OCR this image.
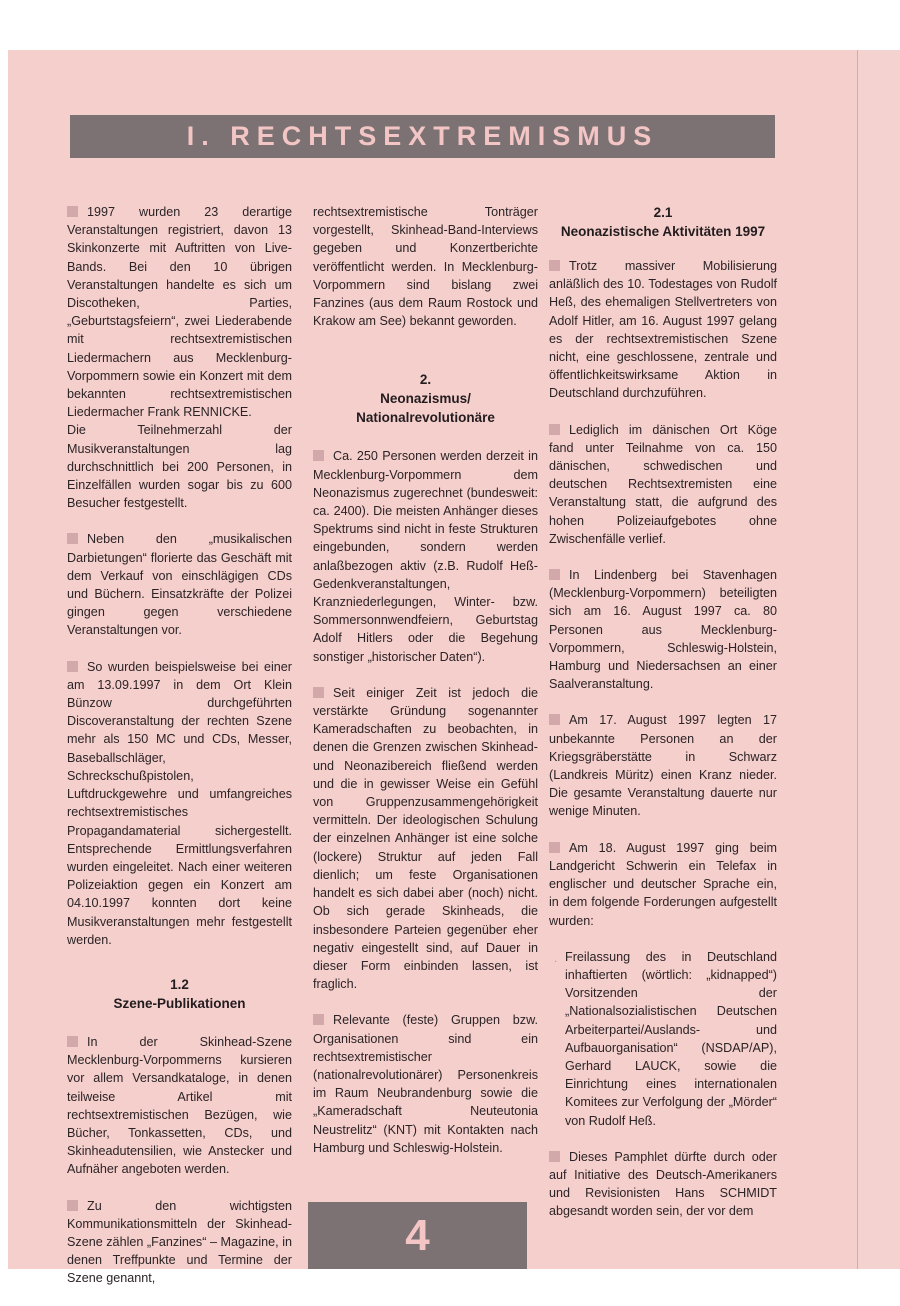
I. RECHTSEXTREMISMUS

1997 wurden 23 derartige Veranstaltungen registriert, davon 13 Skinkonzerte mit Auftritten von Live-Bands. Bei den 10 übrigen Veranstaltungen handelte es sich um Discotheken, Parties, „Geburtstagsfeiern“, zwei Liederabende mit rechtsextremistischen Liedermachern aus Mecklenburg-Vorpommern sowie ein Konzert mit dem bekannten rechtsextremistischen Liedermacher Frank RENNICKE.

Die Teilnehmerzahl der Musikveranstaltungen lag durchschnittlich bei 200 Personen, in Einzelfällen wurden sogar bis zu 600 Besucher festgestellt.

Neben den „musikalischen Darbietungen“ florierte das Geschäft mit dem Verkauf von einschlägigen CDs und Büchern. Einsatzkräfte der Polizei gingen gegen verschiedene Veranstaltungen vor.

So wurden beispielsweise bei einer am 13.09.1997 in dem Ort Klein Bünzow durchgeführten Discoveranstaltung der rechten Szene mehr als 150 MC und CDs, Messer, Baseballschläger, Schreckschußpistolen, Luftdruckgewehre und umfangreiches rechtsextremistisches Propagandamaterial sichergestellt. Entsprechende Ermittlungsverfahren wurden eingeleitet. Nach einer weiteren Polizeiaktion gegen ein Konzert am 04.10.1997 konnten dort keine Musikveranstaltungen mehr festgestellt werden.

1.2
Szene-Publikationen

In der Skinhead-Szene Mecklenburg-Vorpommerns kursieren vor allem Versandkataloge, in denen teilweise Artikel mit rechtsextremistischen Bezügen, wie Bücher, Tonkassetten, CDs, und Skinheadutensilien, wie Anstecker und Aufnäher angeboten werden.

Zu den wichtigsten Kommunikationsmitteln der Skinhead-Szene zählen „Fanzines“ – Magazine, in denen Treffpunkte und Termine der Szene genannt,

rechtsextremistische Tonträger vorgestellt, Skinhead-Band-Interviews gegeben und Konzertberichte veröffentlicht werden. In Mecklenburg-Vorpommern sind bislang zwei Fanzines (aus dem Raum Rostock und Krakow am See) bekannt geworden.

2.
Neonazismus/
Nationalrevolutionäre

Ca. 250 Personen werden derzeit in Mecklenburg-Vorpommern dem Neonazismus zugerechnet (bundesweit: ca. 2400). Die meisten Anhänger dieses Spektrums sind nicht in feste Strukturen eingebunden, sondern werden anlaßbezogen aktiv (z.B. Rudolf Heß-Gedenkveranstaltungen, Kranzniederlegungen, Winter- bzw. Sommersonnwendfeiern, Geburtstag Adolf Hitlers oder die Begehung sonstiger „historischer Daten“).

Seit einiger Zeit ist jedoch die verstärkte Gründung sogenannter Kameradschaften zu beobachten, in denen die Grenzen zwischen Skinhead- und Neonazibereich fließend werden und die in gewisser Weise ein Gefühl von Gruppenzusammengehörigkeit vermitteln. Der ideologischen Schulung der einzelnen Anhänger ist eine solche (lockere) Struktur auf jeden Fall dienlich; um feste Organisationen handelt es sich dabei aber (noch) nicht. Ob sich gerade Skinheads, die insbesondere Parteien gegenüber eher negativ eingestellt sind, auf Dauer in dieser Form einbinden lassen, ist fraglich.

Relevante (feste) Gruppen bzw. Organisationen sind ein rechtsextremistischer (nationalrevolutionärer) Personenkreis im Raum Neubrandenburg sowie die „Kameradschaft Neuteutonia Neustrelitz“ (KNT) mit Kontakten nach Hamburg und Schleswig-Holstein.

2.1
Neonazistische Aktivitäten 1997

Trotz massiver Mobilisierung anläßlich des 10. Todestages von Rudolf Heß, des ehemaligen Stellvertreters von Adolf Hitler, am 16. August 1997 gelang es der rechtsextremistischen Szene nicht, eine geschlossene, zentrale und öffentlichkeitswirksame Aktion in Deutschland durchzuführen.

Lediglich im dänischen Ort Köge fand unter Teilnahme von ca. 150 dänischen, schwedischen und deutschen Rechtsextremisten eine Veranstaltung statt, die aufgrund des hohen Polizeiaufgebotes ohne Zwischenfälle verlief.

In Lindenberg bei Stavenhagen (Mecklenburg-Vorpommern) beteiligten sich am 16. August 1997 ca. 80 Personen aus Mecklenburg-Vorpommern, Schleswig-Holstein, Hamburg und Niedersachsen an einer Saalveranstaltung.

Am 17. August 1997 legten 17 unbekannte Personen an der Kriegsgräberstätte in Schwarz (Landkreis Müritz) einen Kranz nieder. Die gesamte Veranstaltung dauerte nur wenige Minuten.

Am 18. August 1997 ging beim Landgericht Schwerin ein Telefax in englischer und deutscher Sprache ein, in dem folgende Forderungen aufgestellt wurden:

. Freilassung des in Deutschland inhaftierten (wörtlich: „kidnapped“) Vorsitzenden der „Nationalsozialistischen Deutschen Arbeiterpartei/Auslands- und Aufbauorganisation“ (NSDAP/AP), Gerhard LAUCK, sowie die Einrichtung eines internationalen Komitees zur Verfolgung der „Mörder“ von Rudolf Heß.

Dieses Pamphlet dürfte durch oder auf Initiative des Deutsch-Amerikaners und Revisionisten Hans SCHMIDT abgesandt worden sein, der vor dem

4
